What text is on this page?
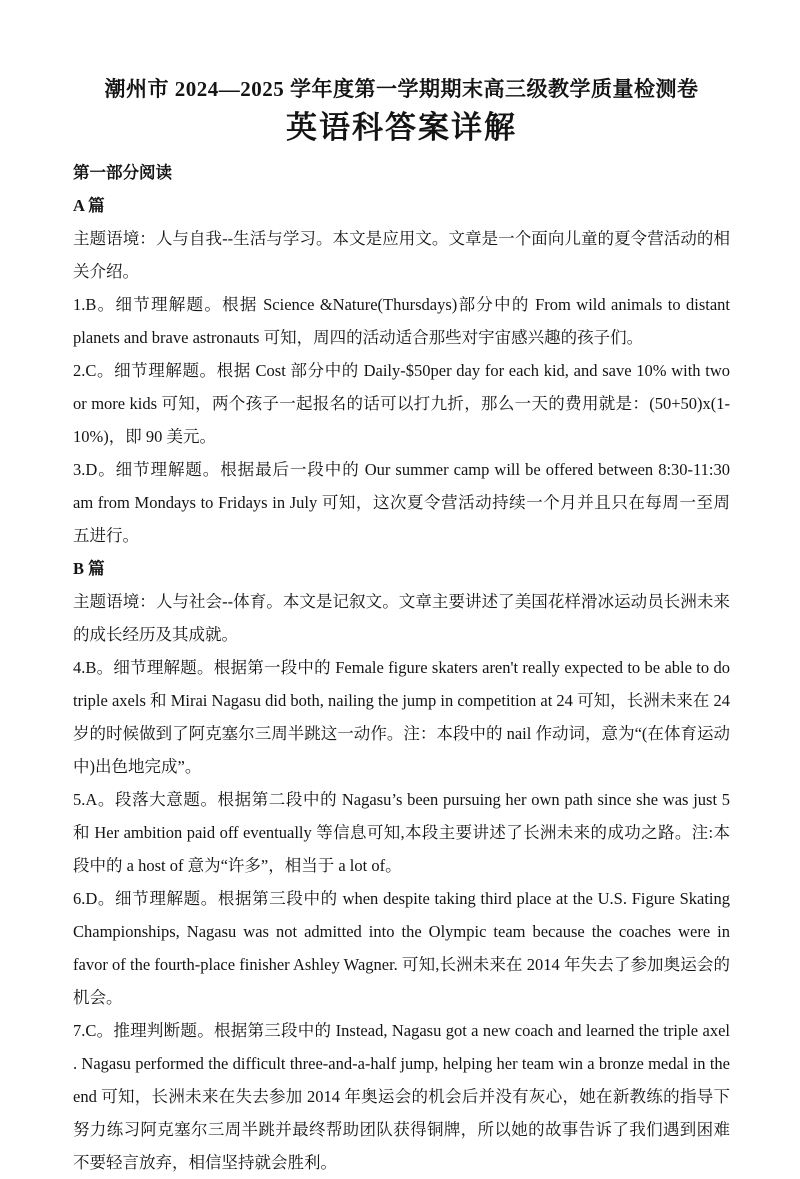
潮州市 2024—2025 学年度第一学期期末高三级教学质量检测卷
英语科答案详解
第一部分阅读
A 篇

主题语境：人与自我--生活与学习。本文是应用文。文章是一个面向儿童的夏令营活动的相关介绍。

1.B。细节理解题。根据 Science &Nature(Thursdays)部分中的 From wild animals to distant planets and brave astronauts 可知，周四的活动适合那些对宇宙感兴趣的孩子们。

2.C。细节理解题。根据 Cost 部分中的 Daily-$50per day for each kid, and save 10% with two or more kids 可知，两个孩子一起报名的话可以打九折，那么一天的费用就是：(50+50)x(1-10%)，即 90 美元。

3.D。细节理解题。根据最后一段中的 Our summer camp will be offered between 8:30-11:30 am from Mondays to Fridays in July 可知，这次夏令营活动持续一个月并且只在每周一至周五进行。

B 篇

主题语境：人与社会--体育。本文是记叙文。文章主要讲述了美国花样滑冰运动员长洲未来的成长经历及其成就。

4.B。细节理解题。根据第一段中的 Female figure skaters aren't really expected to be able to do triple axels 和 Mirai Nagasu did both, nailing the jump in competition at 24 可知，长洲未来在 24 岁的时候做到了阿克塞尔三周半跳这一动作。注：本段中的 nail 作动词，意为“(在体育运动中)出色地完成”。

5.A。段落大意题。根据第二段中的 Nagasu’s been pursuing her own path since she was just 5 和 Her ambition paid off eventually 等信息可知,本段主要讲述了长洲未来的成功之路。注:本段中的 a host of 意为“许多”，相当于 a lot of。

6.D。细节理解题。根据第三段中的 when despite taking third place at the U.S. Figure Skating Championships, Nagasu was not admitted into the Olympic team because the coaches were in favor of the fourth-place finisher Ashley Wagner. 可知,长洲未来在 2014 年失去了参加奥运会的机会。

7.C。推理判断题。根据第三段中的 Instead, Nagasu got a new coach and learned the triple axel . Nagasu performed the difficult three-and-a-half jump, helping her team win a bronze medal in the end 可知，长洲未来在失去参加 2014 年奥运会的机会后并没有灰心，她在新教练的指导下努力练习阿克塞尔三周半跳并最终帮助团队获得铜牌，所以她的故事告诉了我们遇到困难不要轻言放弃，相信坚持就会胜利。
